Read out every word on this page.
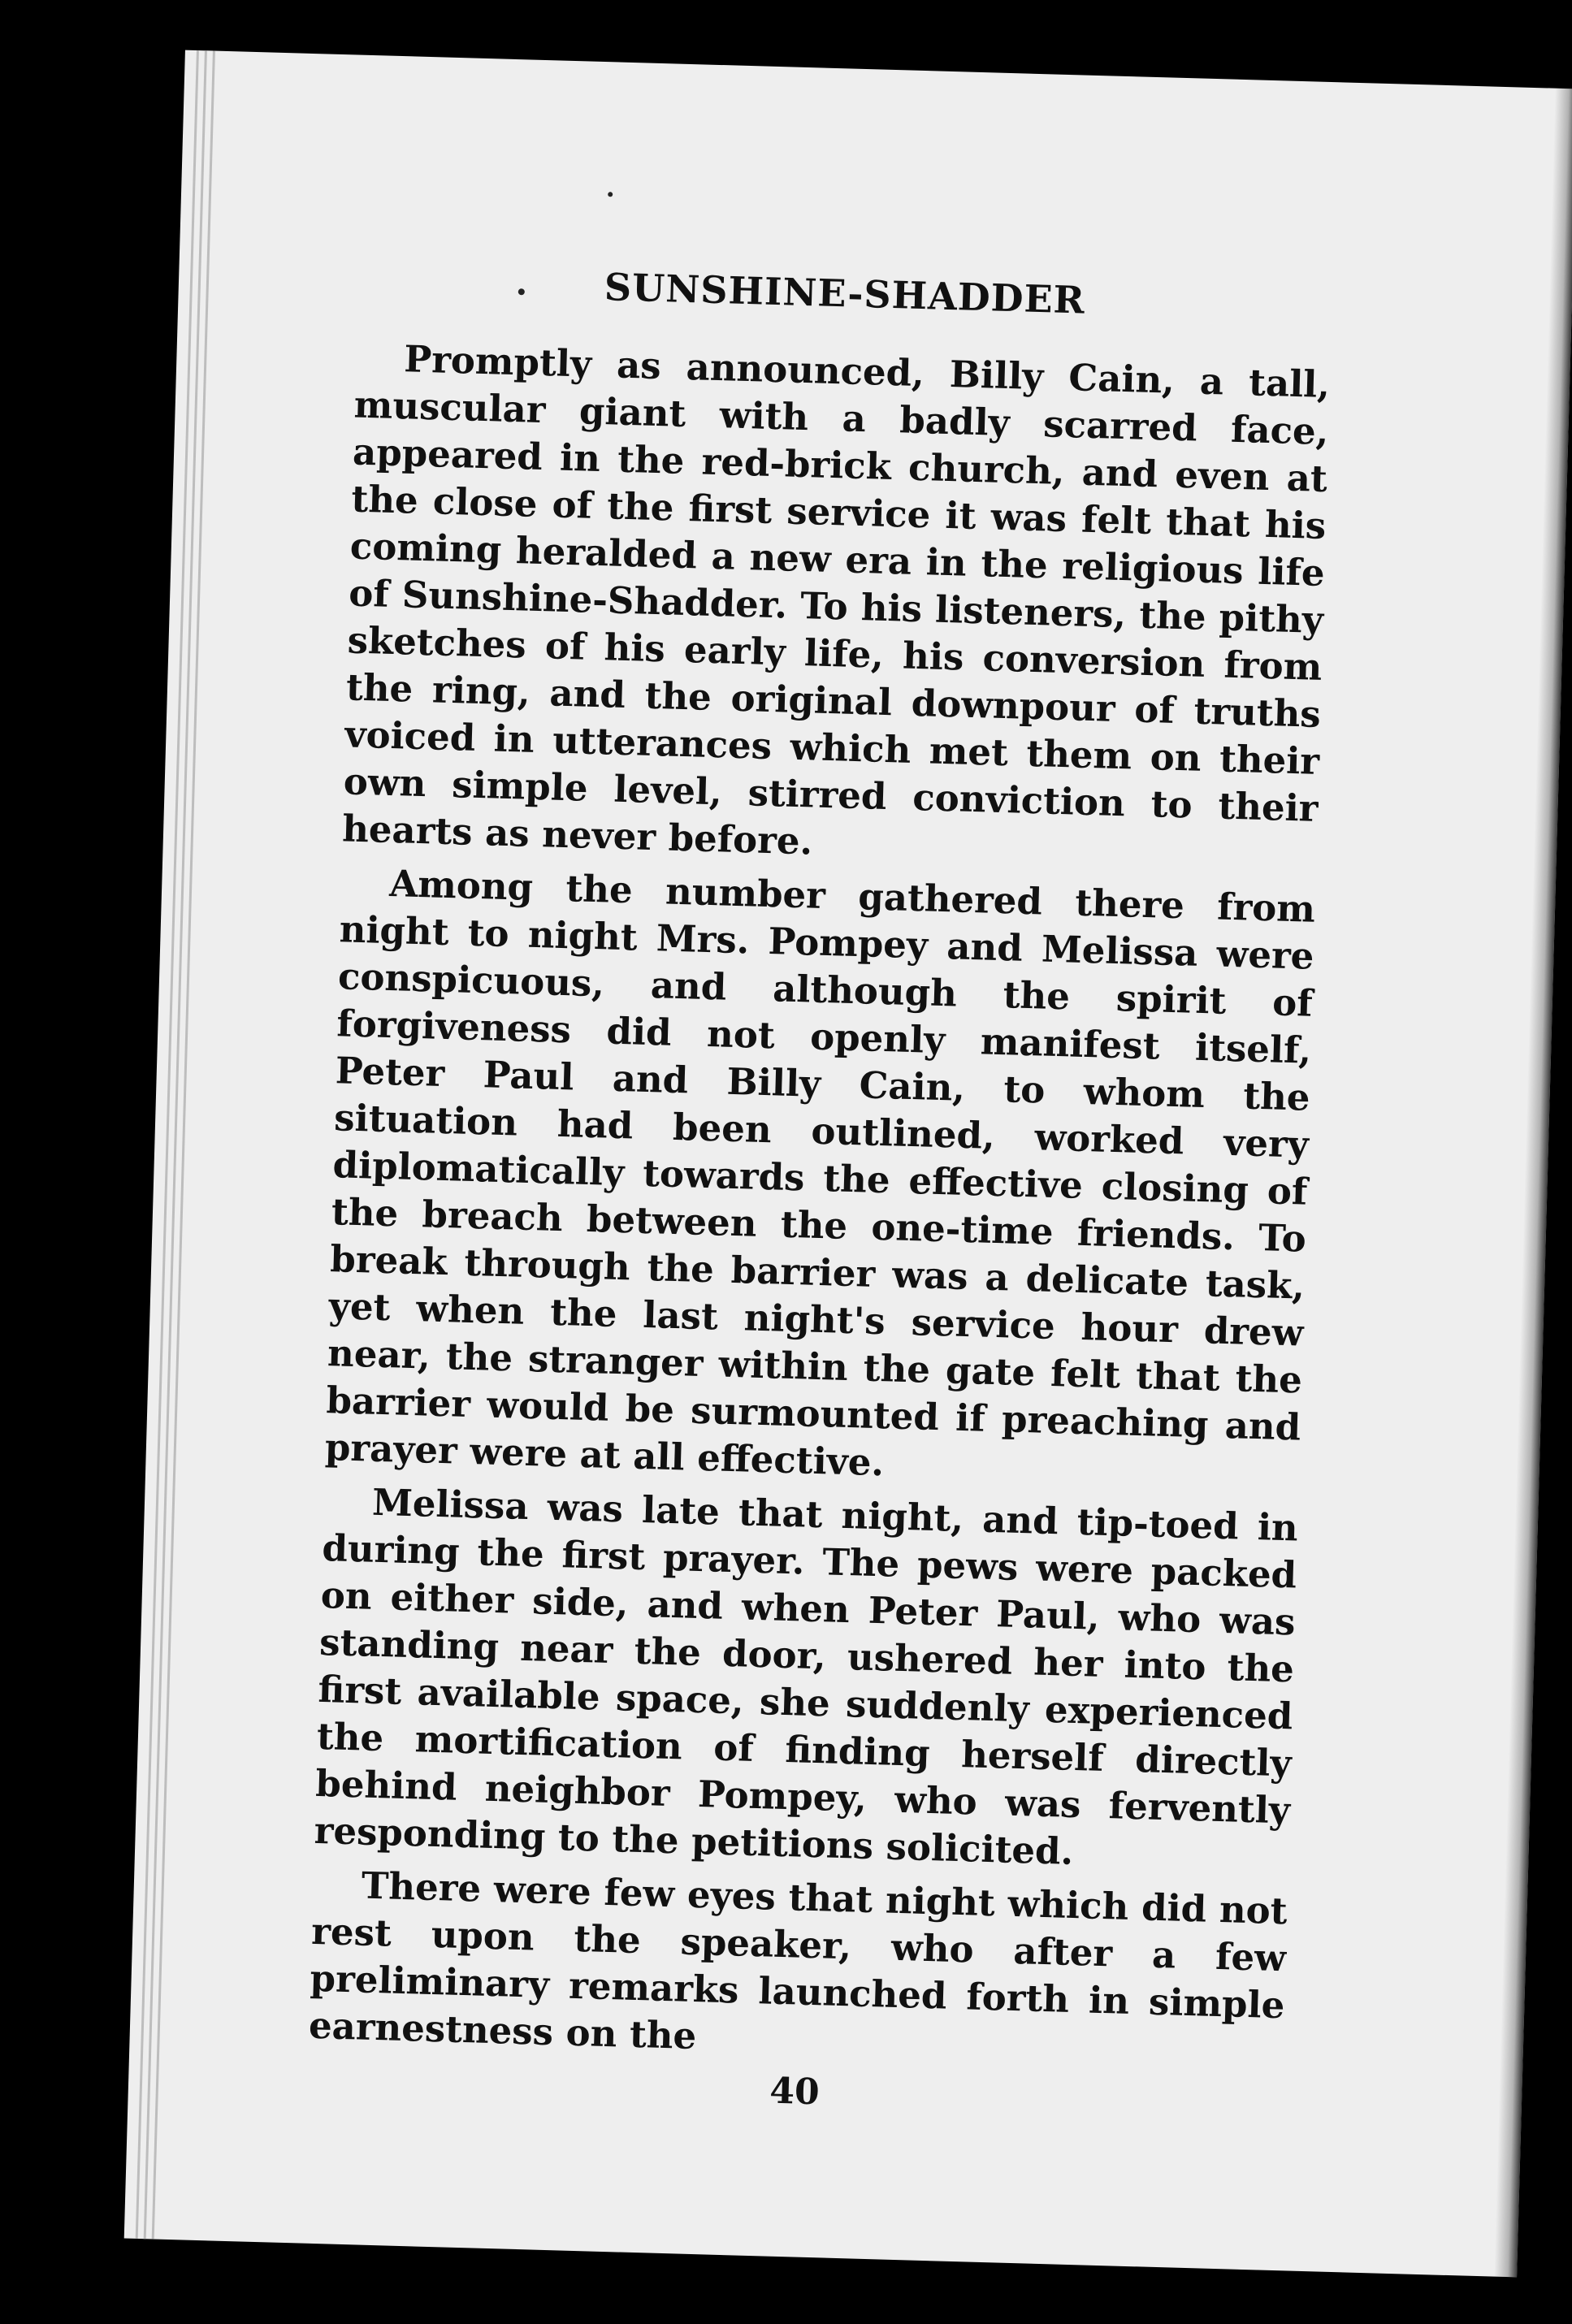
SUNSHINE-SHADDER

Promptly as announced, Billy Cain, a tall, muscular giant with a badly scarred face, appeared in the red-brick church, and even at the close of the first service it was felt that his coming heralded a new era in the religious life of Sunshine-Shadder. To his listeners, the pithy sketches of his early life, his conversion from the ring, and the original downpour of truths voiced in utterances which met them on their own simple level, stirred conviction to their hearts as never before.

Among the number gathered there from night to night Mrs. Pompey and Melissa were conspicuous, and although the spirit of forgiveness did not openly manifest itself, Peter Paul and Billy Cain, to whom the situation had been outlined, worked very diplomatically towards the effective closing of the breach between the one-time friends. To break through the barrier was a delicate task, yet when the last night's service hour drew near, the stranger within the gate felt that the barrier would be surmounted if preaching and prayer were at all effective.

Melissa was late that night, and tip-toed in during the first prayer. The pews were packed on either side, and when Peter Paul, who was standing near the door, ushered her into the first available space, she suddenly experienced the mortification of finding herself directly behind neighbor Pompey, who was fervently responding to the petitions solicited.

There were few eyes that night which did not rest upon the speaker, who after a few preliminary remarks launched forth in simple earnestness on the

40
